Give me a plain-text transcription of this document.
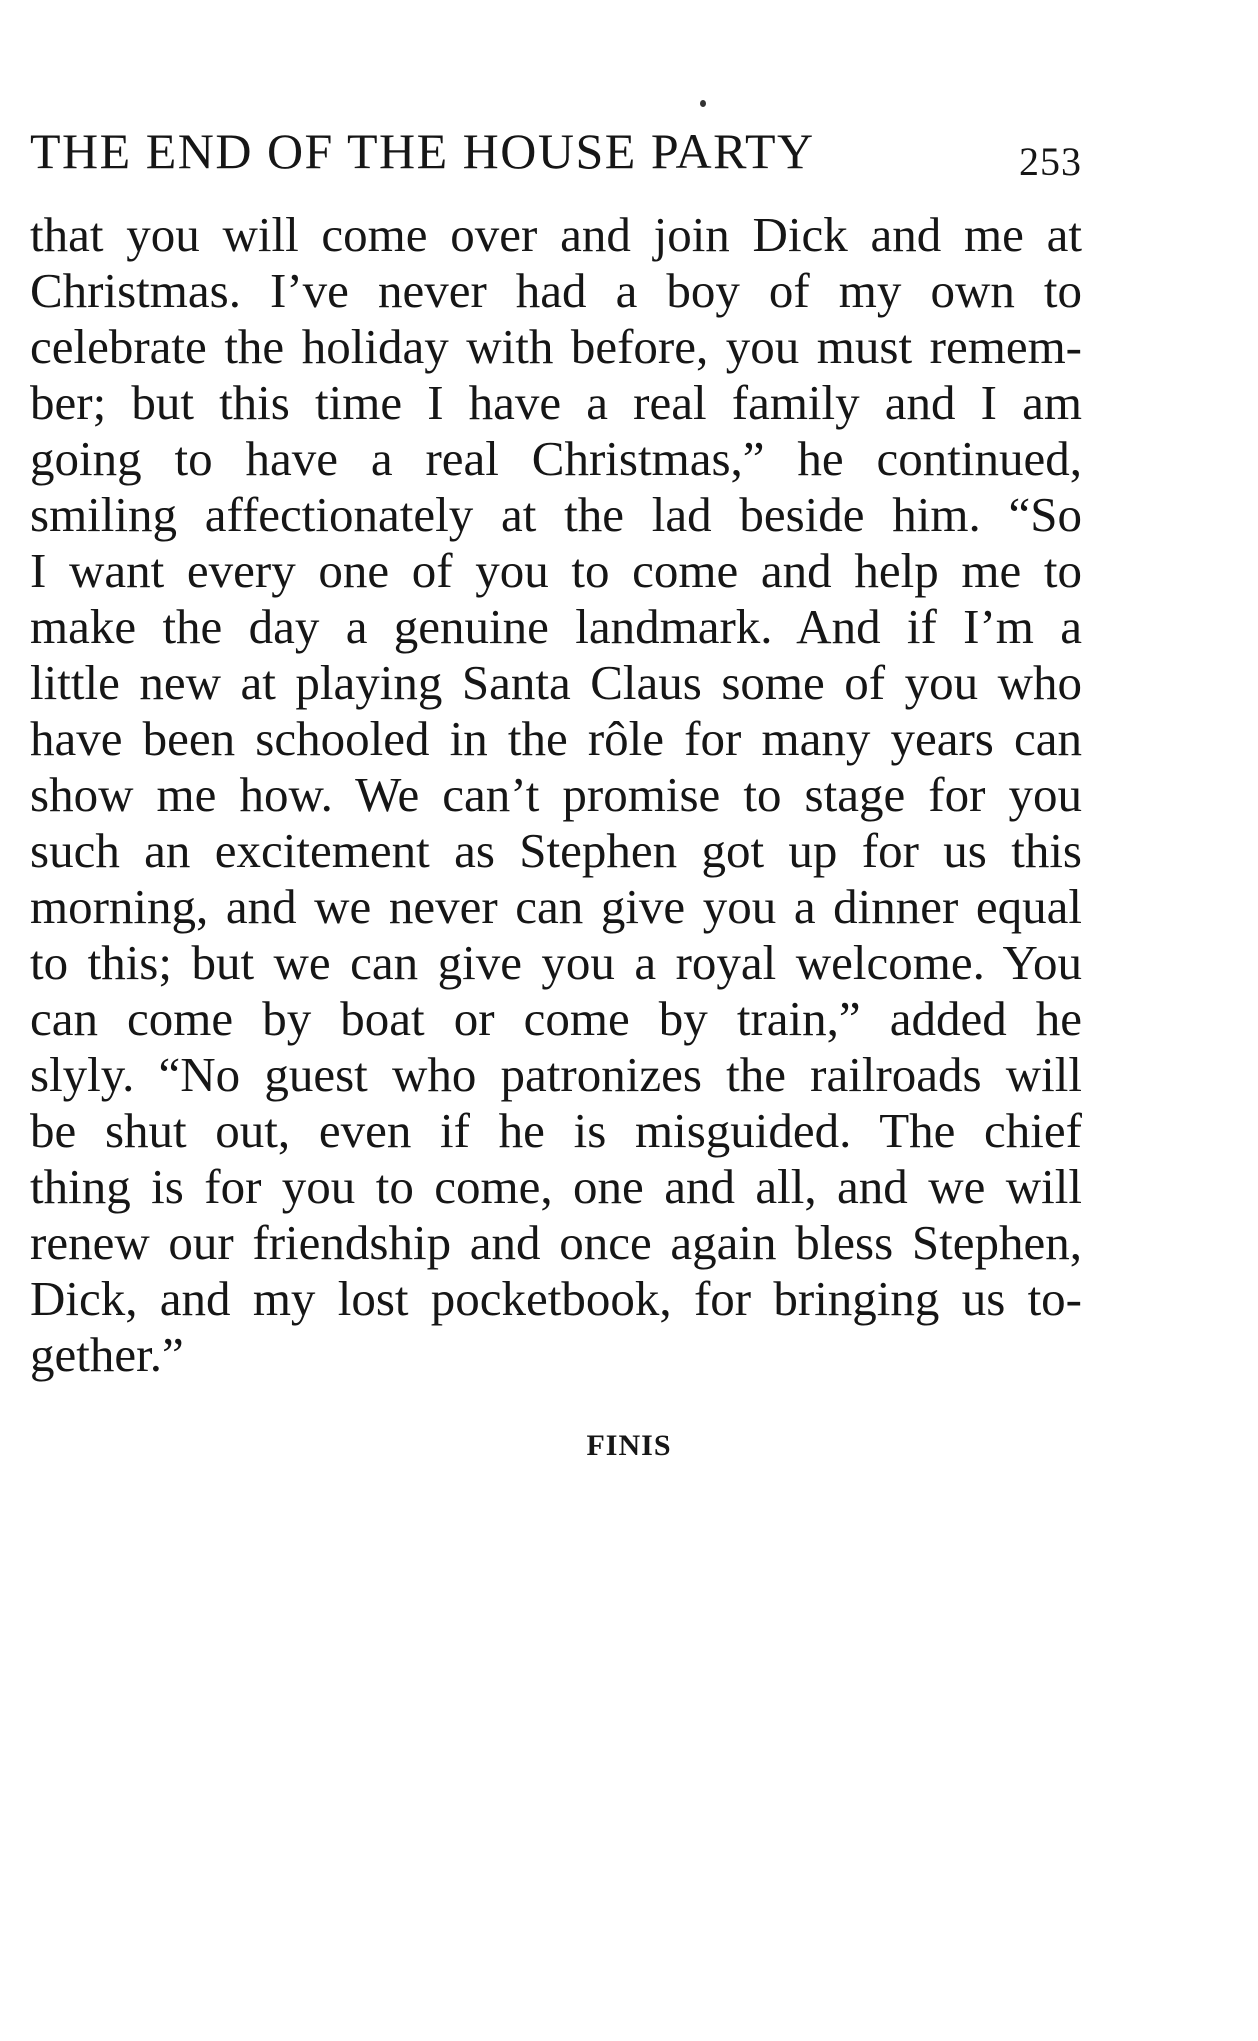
THE END OF THE HOUSE PARTY	253
that you will come over and join Dick and me at
Christmas. I’ve never had a boy of my own to
celebrate the holiday with before, you must remem-
ber; but this time I have a real family and I am
going to have a real Christmas,” he continued,
smiling affectionately at the lad beside him. “So
I want every one of you to come and help me to
make the day a genuine landmark. And if I’m a
little new at playing Santa Claus some of you who
have been schooled in the rôle for many years can
show me how. We can’t promise to stage for you
such an excitement as Stephen got up for us this
morning, and we never can give you a dinner equal
to this; but we can give you a royal welcome. You
can come by boat or come by train,” added he
slyly. “No guest who patronizes the railroads will
be shut out, even if he is misguided. The chief
thing is for you to come, one and all, and we will
renew our friendship and once again bless Stephen,
Dick, and my lost pocketbook, for bringing us to-
gether.”
FINIS
